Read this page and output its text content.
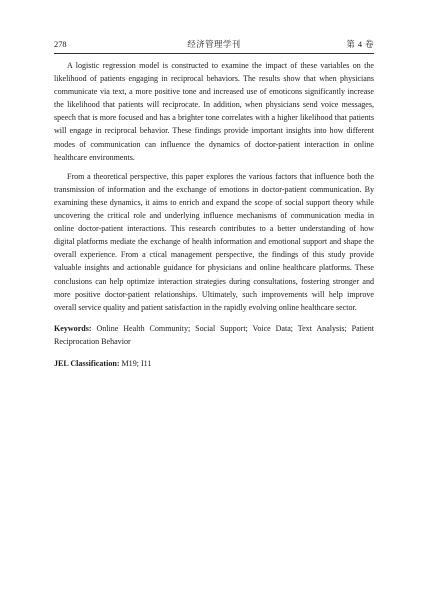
278	经济管理学刊	第 4 卷

A logistic regression model is constructed to examine the impact of these variables on the likelihood of patients engaging in reciprocal behaviors. The results show that when physicians communicate via text, a more positive tone and increased use of emoticons significantly increase the likelihood that patients will reciprocate. In addition, when physicians send voice messages, speech that is more focused and has a brighter tone correlates with a higher likelihood that patients will engage in reciprocal behavior. These findings provide important insights into how different modes of communication can influence the dynamics of doctor-patient interaction in online healthcare environments.

From a theoretical perspective, this paper explores the various factors that influence both the transmission of information and the exchange of emotions in doctor-patient communication. By examining these dynamics, it aims to enrich and expand the scope of social support theory while uncovering the critical role and underlying influence mechanisms of communication media in online doctor-patient interactions. This research contributes to a better understanding of how digital platforms mediate the exchange of health information and emotional support and shape the overall experience. From a ctical management perspective, the findings of this study provide valuable insights and actionable guidance for physicians and online healthcare platforms. These conclusions can help optimize interaction strategies during consultations, fostering stronger and more positive doctor-patient relationships. Ultimately, such improvements will help improve overall service quality and patient satisfaction in the rapidly evolving online healthcare sector.

Keywords: Online Health Community; Social Support; Voice Data; Text Analysis; Patient Reciprocation Behavior
JEL Classification: M19; I11
